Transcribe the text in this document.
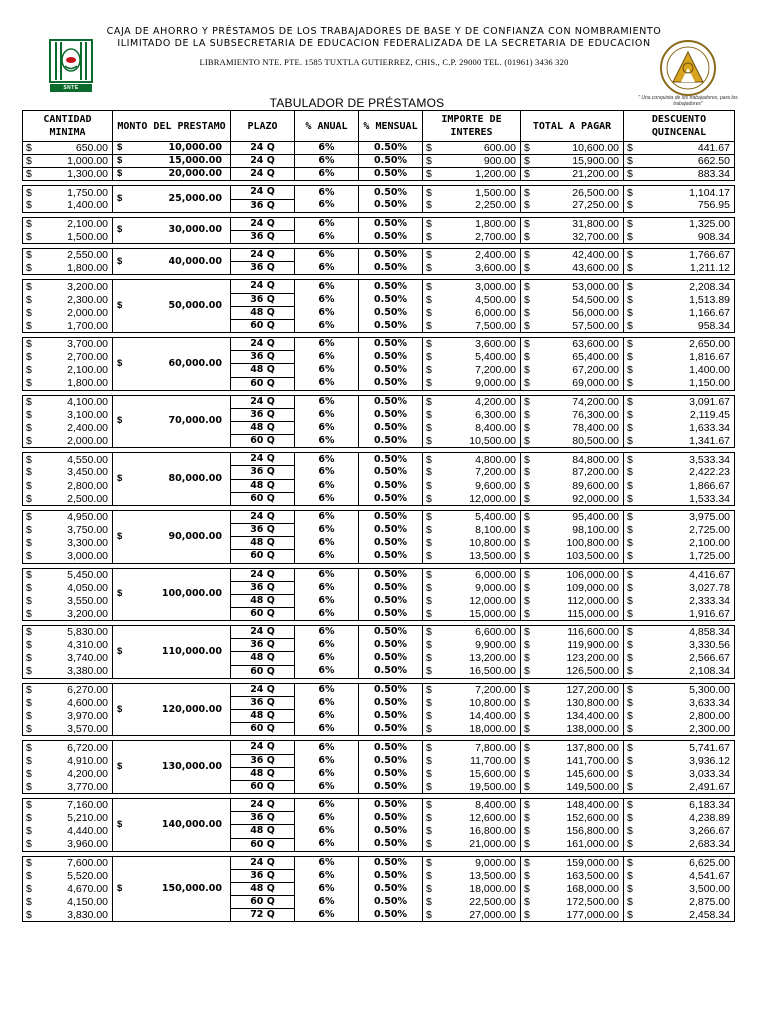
CAJA DE AHORRO Y PRÉSTAMOS DE LOS TRABAJADORES DE BASE Y DE CONFIANZA CON NOMBRAMIENTO
ILIMITADO DE LA SUBSECRETARIA DE EDUCACION FEDERALIZADA DE LA SECRETARIA DE EDUCACION
LIBRAMIENTO NTE. PTE. 1585 TUXTLA GUTIERREZ, CHIS., C.P. 29000 TEL. (01961) 3436 320
SNTE
" Una conquista de los trabajadores, para los trabajadores"
TABULADOR DE PRÉSTAMOS
CANTIDAD MINIMA	MONTO DEL PRESTAMO	PLAZO	% ANUAL	% MENSUAL	IMPORTE DE INTERES	TOTAL A PAGAR	DESCUENTO QUINCENAL

$ 650.00	$ 10,000.00	24 Q	6%	0.50%	$ 600.00	$ 10,600.00	$ 441.67

$ 1,000.00	$ 15,000.00	24 Q	6%	0.50%	$ 900.00	$ 15,900.00	$ 662.50

$ 1,300.00	$ 20,000.00	24 Q	6%	0.50%	$ 1,200.00	$ 21,200.00	$ 883.34

$ 1,750.00	$ 25,000.00	24 Q	6%	0.50%	$ 1,500.00	$ 26,500.00	$ 1,104.17

$ 1,400.00		36 Q	6%	0.50%	$ 2,250.00	$ 27,250.00	$ 756.95

$ 2,100.00	$ 30,000.00	24 Q	6%	0.50%	$ 1,800.00	$ 31,800.00	$ 1,325.00

$ 1,500.00		36 Q	6%	0.50%	$ 2,700.00	$ 32,700.00	$ 908.34

$ 2,550.00	$ 40,000.00	24 Q	6%	0.50%	$ 2,400.00	$ 42,400.00	$ 1,766.67

$ 1,800.00		36 Q	6%	0.50%	$ 3,600.00	$ 43,600.00	$ 1,211.12

$ 3,200.00	$ 50,000.00	24 Q	6%	0.50%	$ 3,000.00	$ 53,000.00	$ 2,208.34

$ 2,300.00		36 Q	6%	0.50%	$ 4,500.00	$ 54,500.00	$ 1,513.89

$ 2,000.00		48 Q	6%	0.50%	$ 6,000.00	$ 56,000.00	$ 1,166.67

$ 1,700.00		60 Q	6%	0.50%	$ 7,500.00	$ 57,500.00	$ 958.34

$ 3,700.00	$ 60,000.00	24 Q	6%	0.50%	$ 3,600.00	$ 63,600.00	$ 2,650.00

$ 2,700.00		36 Q	6%	0.50%	$ 5,400.00	$ 65,400.00	$ 1,816.67

$ 2,100.00		48 Q	6%	0.50%	$ 7,200.00	$ 67,200.00	$ 1,400.00

$ 1,800.00		60 Q	6%	0.50%	$ 9,000.00	$ 69,000.00	$ 1,150.00

$ 4,100.00	$ 70,000.00	24 Q	6%	0.50%	$ 4,200.00	$ 74,200.00	$ 3,091.67

$ 3,100.00		36 Q	6%	0.50%	$ 6,300.00	$ 76,300.00	$ 2,119.45

$ 2,400.00		48 Q	6%	0.50%	$ 8,400.00	$ 78,400.00	$ 1,633.34

$ 2,000.00		60 Q	6%	0.50%	$ 10,500.00	$ 80,500.00	$ 1,341.67

$ 4,550.00	$ 80,000.00	24 Q	6%	0.50%	$ 4,800.00	$ 84,800.00	$ 3,533.34

$ 3,450.00		36 Q	6%	0.50%	$ 7,200.00	$ 87,200.00	$ 2,422.23

$ 2,800.00		48 Q	6%	0.50%	$ 9,600.00	$ 89,600.00	$ 1,866.67

$ 2,500.00		60 Q	6%	0.50%	$ 12,000.00	$ 92,000.00	$ 1,533.34

$ 4,950.00	$ 90,000.00	24 Q	6%	0.50%	$ 5,400.00	$ 95,400.00	$ 3,975.00

$ 3,750.00		36 Q	6%	0.50%	$ 8,100.00	$ 98,100.00	$ 2,725.00

$ 3,300.00		48 Q	6%	0.50%	$ 10,800.00	$ 100,800.00	$ 2,100.00

$ 3,000.00		60 Q	6%	0.50%	$ 13,500.00	$ 103,500.00	$ 1,725.00

$ 5,450.00	$ 100,000.00	24 Q	6%	0.50%	$ 6,000.00	$ 106,000.00	$ 4,416.67

$ 4,050.00		36 Q	6%	0.50%	$ 9,000.00	$ 109,000.00	$ 3,027.78

$ 3,550.00		48 Q	6%	0.50%	$ 12,000.00	$ 112,000.00	$ 2,333.34

$ 3,200.00		60 Q	6%	0.50%	$ 15,000.00	$ 115,000.00	$ 1,916.67

$ 5,830.00	$ 110,000.00	24 Q	6%	0.50%	$ 6,600.00	$ 116,600.00	$ 4,858.34

$ 4,310.00		36 Q	6%	0.50%	$ 9,900.00	$ 119,900.00	$ 3,330.56

$ 3,740.00		48 Q	6%	0.50%	$ 13,200.00	$ 123,200.00	$ 2,566.67

$ 3,380.00		60 Q	6%	0.50%	$ 16,500.00	$ 126,500.00	$ 2,108.34

$ 6,270.00	$ 120,000.00	24 Q	6%	0.50%	$ 7,200.00	$ 127,200.00	$ 5,300.00

$ 4,600.00		36 Q	6%	0.50%	$ 10,800.00	$ 130,800.00	$ 3,633.34

$ 3,970.00		48 Q	6%	0.50%	$ 14,400.00	$ 134,400.00	$ 2,800.00

$ 3,570.00		60 Q	6%	0.50%	$ 18,000.00	$ 138,000.00	$ 2,300.00

$ 6,720.00	$ 130,000.00	24 Q	6%	0.50%	$ 7,800.00	$ 137,800.00	$ 5,741.67

$ 4,910.00		36 Q	6%	0.50%	$ 11,700.00	$ 141,700.00	$ 3,936.12

$ 4,200.00		48 Q	6%	0.50%	$ 15,600.00	$ 145,600.00	$ 3,033.34

$ 3,770.00		60 Q	6%	0.50%	$ 19,500.00	$ 149,500.00	$ 2,491.67

$ 7,160.00	$ 140,000.00	24 Q	6%	0.50%	$ 8,400.00	$ 148,400.00	$ 6,183.34

$ 5,210.00		36 Q	6%	0.50%	$ 12,600.00	$ 152,600.00	$ 4,238.89

$ 4,440.00		48 Q	6%	0.50%	$ 16,800.00	$ 156,800.00	$ 3,266.67

$ 3,960.00		60 Q	6%	0.50%	$ 21,000.00	$ 161,000.00	$ 2,683.34

$ 7,600.00	$ 150,000.00	24 Q	6%	0.50%	$ 9,000.00	$ 159,000.00	$ 6,625.00

$ 5,520.00		36 Q	6%	0.50%	$ 13,500.00	$ 163,500.00	$ 4,541.67

$ 4,670.00		48 Q	6%	0.50%	$ 18,000.00	$ 168,000.00	$ 3,500.00

$ 4,150.00		60 Q	6%	0.50%	$ 22,500.00	$ 172,500.00	$ 2,875.00

$ 3,830.00		72 Q	6%	0.50%	$ 27,000.00	$ 177,000.00	$ 2,458.34
